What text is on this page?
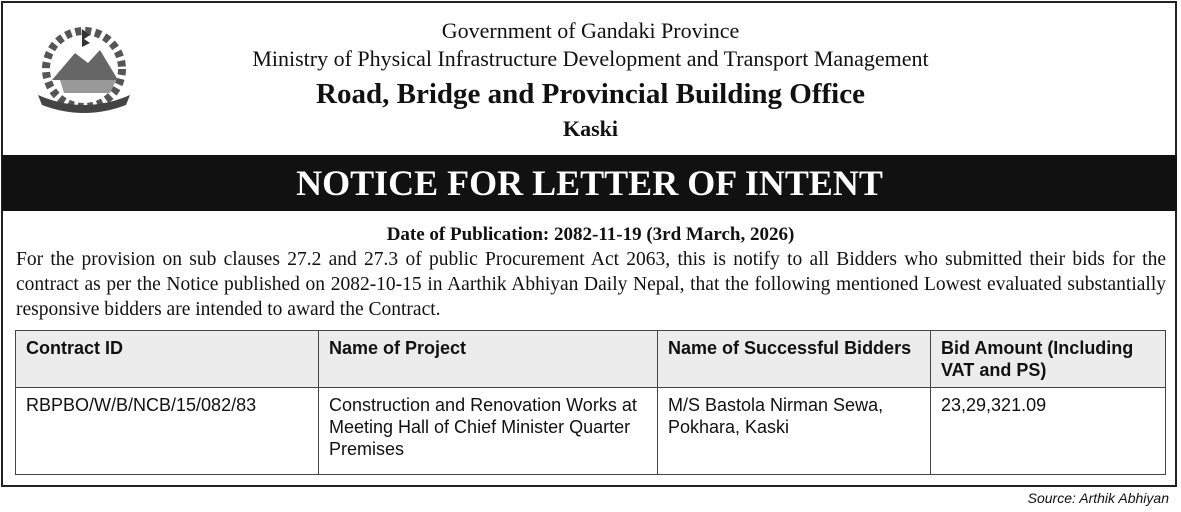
Government of Gandaki Province
Ministry of Physical Infrastructure Development and Transport Management
Road, Bridge and Provincial Building Office
Kaski
NOTICE FOR LETTER OF INTENT
Date of Publication: 2082-11-19 (3rd March, 2026)
For the provision on sub clauses 27.2 and 27.3 of public Procurement Act 2063, this is notify to all Bidders who submitted their bids for the contract as per the Notice published on 2082-10-15 in Aarthik Abhiyan Daily Nepal, that the following mentioned Lowest evaluated substantially responsive bidders are intended to award the Contract.
Contract ID	Name of Project	Name of Successful Bidders	Bid Amount (Including VAT and PS)
RBPBO/W/B/NCB/15/082/83	Construction and Renovation Works at Meeting Hall of Chief Minister Quarter Premises	M/S Bastola Nirman Sewa, Pokhara, Kaski	23,29,321.09
Source: Arthik Abhiyan
